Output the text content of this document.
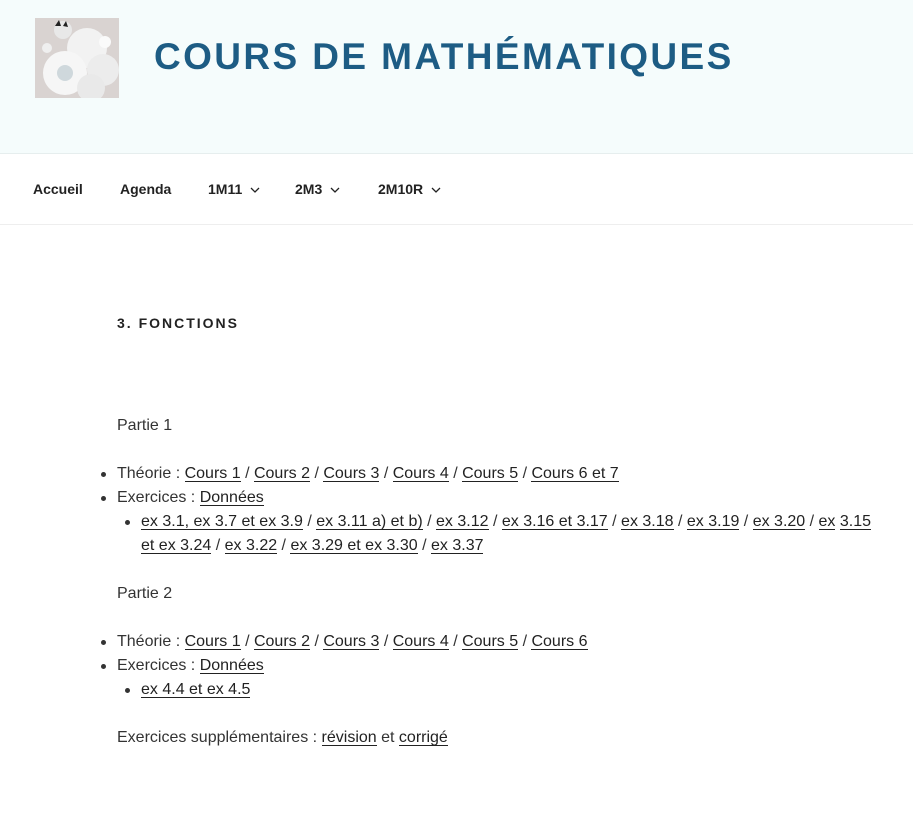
COURS DE MATHÉMATIQUES
Accueil	Agenda	1M11	2M3	2M10R
3. FONCTIONS

Partie 1

Théorie : Cours 1 / Cours 2 / Cours 3 / Cours 4 / Cours 5 / Cours 6 et 7
Exercices : Données
ex 3.1, ex 3.7 et ex 3.9 / ex 3.11 a) et b) / ex 3.12 / ex 3.16 et 3.17 / ex 3.18 / ex 3.19 / ex 3.20 / ex 3.15 et ex 3.24 / ex 3.22 / ex 3.29 et ex 3.30 / ex 3.37

Partie 2

Théorie : Cours 1 / Cours 2 / Cours 3 / Cours 4 / Cours 5 / Cours 6
Exercices : Données
ex 4.4 et ex 4.5

Exercices supplémentaires : révision et corrigé
